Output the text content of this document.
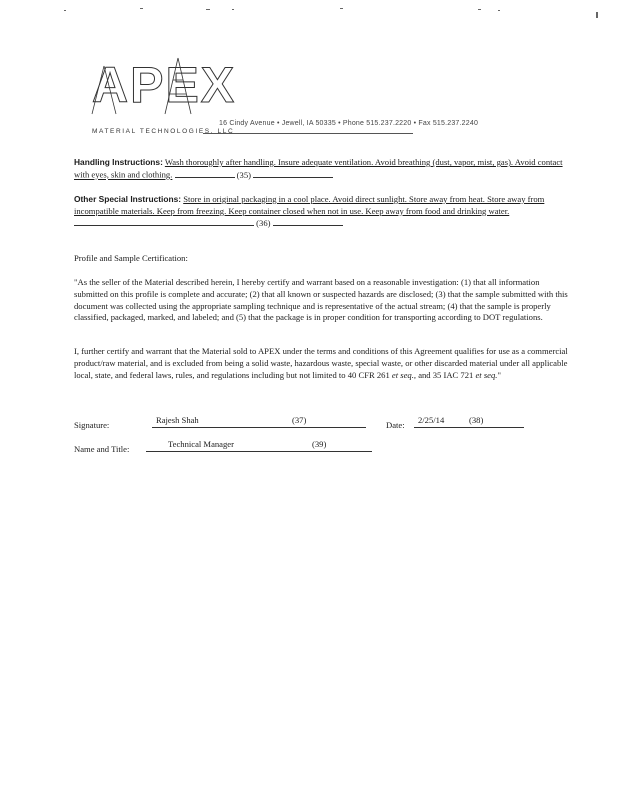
APEX
MATERIAL TECHNOLOGIES, LLC
16 Cindy Avenue • Jewell, IA 50335 • Phone 515.237.2220 • Fax 515.237.2240
Handling Instructions: Wash thoroughly after handling. Insure adequate ventilation. Avoid breathing (dust, vapor, mist, gas). Avoid contact with eyes, skin and clothing.	(35)
Other Special Instructions: Store in original packaging in a cool place. Avoid direct sunlight. Store away from heat. Store away from incompatible materials. Keep from freezing. Keep container closed when not in use. Keep away from food and drinking water.  (36)
Profile and Sample Certification:
"As the seller of the Material described herein, I hereby certify and warrant based on a reasonable investigation: (1) that all information submitted on this profile is complete and accurate; (2) that all known or suspected hazards are disclosed; (3) that the sample submitted with this document was collected using the appropriate sampling technique and is representative of the actual stream; (4) that the sample is properly classified, packaged, marked, and labeled; and (5) that the package is in proper condition for transporting according to DOT regulations.
I, further certify and warrant that the Material sold to APEX under the terms and conditions of this Agreement qualifies for use as a commercial product/raw material, and is excluded from being a solid waste, hazardous waste, special waste, or other discarded material under all applicable local, state, and federal laws, rules, and regulations including but not limited to 40 CFR 261 et seq., and 35 IAC 721 et seq."
Signature:	Rajesh Shah	(37)	Date: 2/25/14	(38)
Name and Title:	Technical Manager	(39)
